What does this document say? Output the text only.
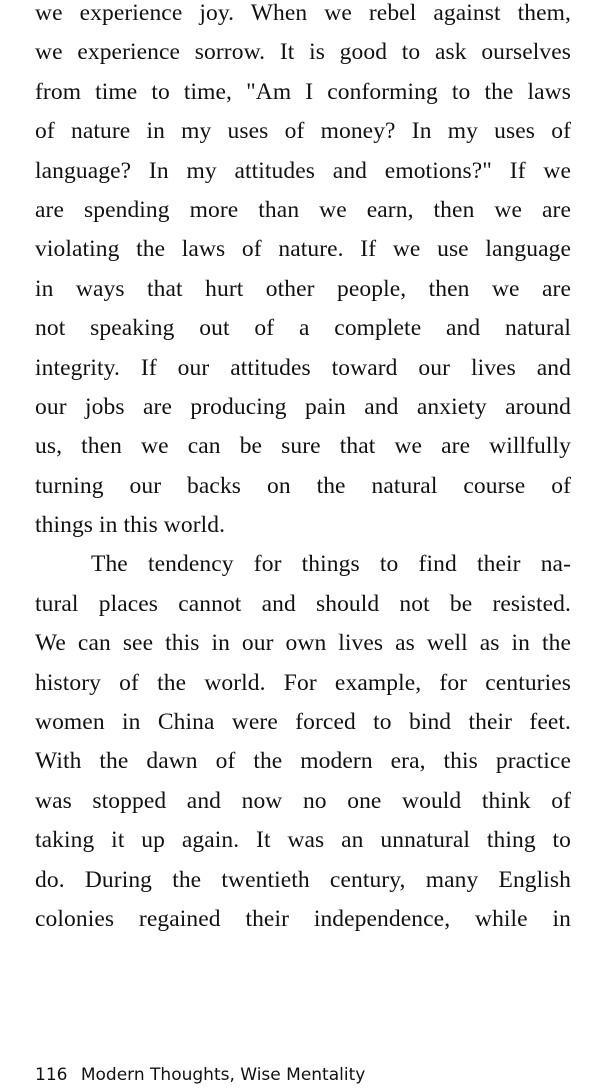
we experience joy. When we rebel against them,
we experience sorrow. It is good to ask ourselves
from time to time, "Am I conforming to the laws
of nature in my uses of money? In my uses of
language? In my attitudes and emotions?" If we
are spending more than we earn, then we are
violating the laws of nature. If we use language
in ways that hurt other people, then we are
not speaking out of a complete and natural
integrity. If our attitudes toward our lives and
our jobs are producing pain and anxiety around
us, then we can be sure that we are willfully
turning our backs on the natural course of
things in this world.
The tendency for things to find their na-
tural places cannot and should not be resisted.
We can see this in our own lives as well as in the
history of the world. For example, for centuries
women in China were forced to bind their feet.
With the dawn of the modern era, this practice
was stopped and now no one would think of
taking it up again. It was an unnatural thing to
do. During the twentieth century, many English
colonies regained their independence, while in
116 Modern Thoughts, Wise Mentality
